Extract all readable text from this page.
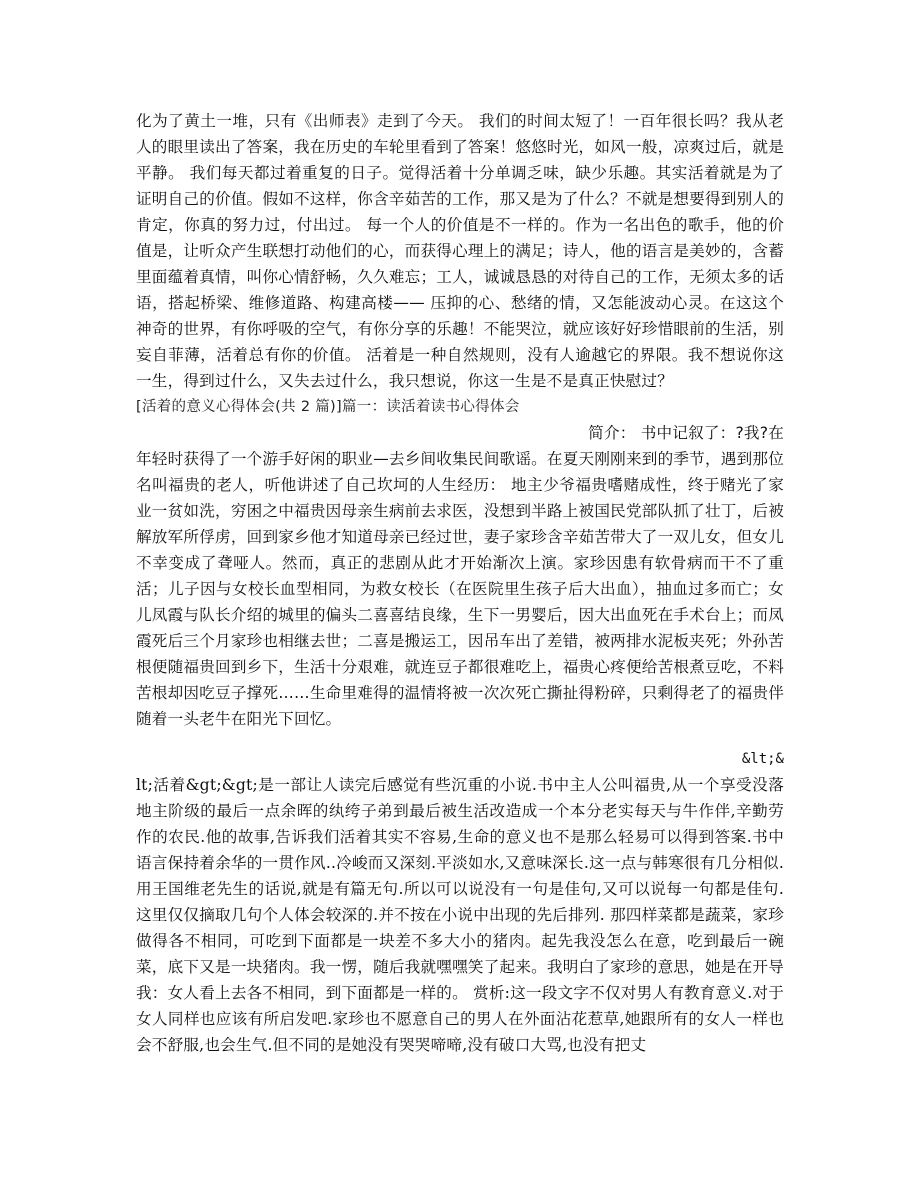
化为了黄土一堆，只有《出师表》走到了今天。 我们的时间太短了！一百年很长吗？我从老人的眼里读出了答案，我在历史的车轮里看到了答案！悠悠时光，如风一般，凉爽过后，就是平静。 我们每天都过着重复的日子。觉得活着十分单调乏味，缺少乐趣。其实活着就是为了证明自己的价值。假如不这样，你含辛茹苦的工作，那又是为了什么？不就是想要得到别人的肯定，你真的努力过，付出过。 每一个人的价值是不一样的。作为一名出色的歌手，他的价值是，让听众产生联想打动他们的心，而获得心理上的满足；诗人，他的语言是美妙的，含蓄里面蕴着真情，叫你心情舒畅，久久难忘；工人，诚诚恳恳的对待自己的工作，无须太多的话语，搭起桥梁、维修道路、构建高楼—— 压抑的心、愁绪的情，又怎能波动心灵。在这这个神奇的世界，有你呼吸的空气，有你分享的乐趣！不能哭泣，就应该好好珍惜眼前的生活，别妄自菲薄，活着总有你的价值。 活着是一种自然规则，没有人逾越它的界限。我不想说你这一生，得到过什么，又失去过什么，我只想说，你这一生是不是真正快慰过？

[活着的意义心得体会(共 2 篇)]篇一：读活着读书心得体会

简介： 书中记叙了：?我?在

年轻时获得了一个游手好闲的职业—去乡间收集民间歌谣。在夏天刚刚来到的季节，遇到那位名叫福贵的老人，听他讲述了自己坎坷的人生经历： 地主少爷福贵嗜赌成性，终于赌光了家业一贫如洗，穷困之中福贵因母亲生病前去求医，没想到半路上被国民党部队抓了壮丁，后被解放军所俘虏，回到家乡他才知道母亲已经过世，妻子家珍含辛茹苦带大了一双儿女，但女儿不幸变成了聋哑人。然而，真正的悲剧从此才开始渐次上演。家珍因患有软骨病而干不了重活；儿子因与女校长血型相同，为救女校长（在医院里生孩子后大出血），抽血过多而亡；女儿凤霞与队长介绍的城里的偏头二喜喜结良缘，生下一男婴后，因大出血死在手术台上；而凤霞死后三个月家珍也相继去世；二喜是搬运工，因吊车出了差错，被两排水泥板夹死；外孙苦根便随福贵回到乡下，生活十分艰难，就连豆子都很难吃上，福贵心疼便给苦根煮豆吃，不料苦根却因吃豆子撑死……生命里难得的温情将被一次次死亡撕扯得粉碎，只剩得老了的福贵伴随着一头老牛在阳光下回忆。

&lt;&

lt;活着&gt;&gt;是一部让人读完后感觉有些沉重的小说.书中主人公叫福贵,从一个享受没落地主阶级的最后一点余晖的纨绔子弟到最后被生活改造成一个本分老实每天与牛作伴,辛勤劳作的农民.他的故事,告诉我们活着其实不容易,生命的意义也不是那么轻易可以得到答案.书中语言保持着余华的一贯作风..冷峻而又深刻.平淡如水,又意味深长.这一点与韩寒很有几分相似.用王国维老先生的话说,就是有篇无句.所以可以说没有一句是佳句,又可以说每一句都是佳句.这里仅仅摘取几句个人体会较深的.并不按在小说中出现的先后排列. 那四样菜都是蔬菜，家珍做得各不相同，可吃到下面都是一块差不多大小的猪肉。起先我没怎么在意，吃到最后一碗菜，底下又是一块猪肉。我一愣，随后我就嘿嘿笑了起来。我明白了家珍的意思，她是在开导我：女人看上去各不相同，到下面都是一样的。 赏析:这一段文字不仅对男人有教育意义.对于女人同样也应该有所启发吧.家珍也不愿意自己的男人在外面沾花惹草,她跟所有的女人一样也会不舒服,也会生气.但不同的是她没有哭哭啼啼,没有破口大骂,也没有把丈
